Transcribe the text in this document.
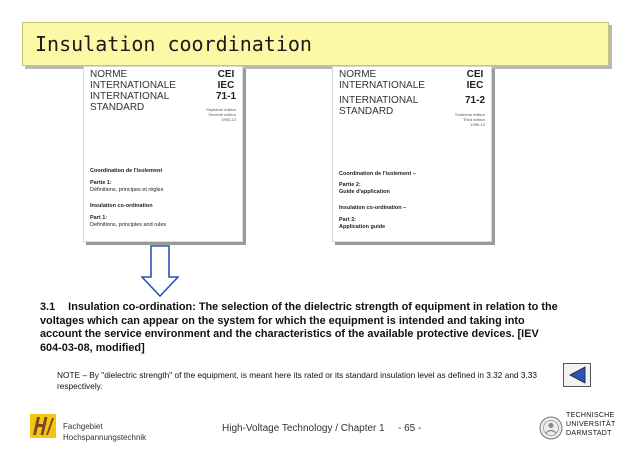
Insulation coordination
NORME
INTERNATIONALE
INTERNATIONAL
STANDARD
CEI
IEC
71-1
Septième édition
Seventh edition
1993-12
Coordination de l'isolement
Partie 1:
Définitions, principes et règles
Insulation co-ordination
Part 1:
Definitions, principles and rules
NORME
INTERNATIONALE
INTERNATIONAL
STANDARD
CEI
IEC
71-2
Troisième édition
Third edition
1996-12
Coordination de l'isolement –
Partie 2:
Guide d'application
Insulation co-ordination –
Part 2:
Application guide
3.1 Insulation co-ordination: The selection of the dielectric strength of equipment in relation to the voltages which can appear on the system for which the equipment is intended and taking into account the service environment and the characteristics of the available protective devices. [IEV 604-03-08, modified]
NOTE – By "dielectric strength" of the equipment, is meant here its rated or its standard insulation level as defined in 3.32 and 3.33 respectively.
Fachgebiet
Hochspannungstechnik
High-Voltage Technology / Chapter 1 - 65 -
TECHNISCHE
UNIVERSITÄT
DARMSTADT
